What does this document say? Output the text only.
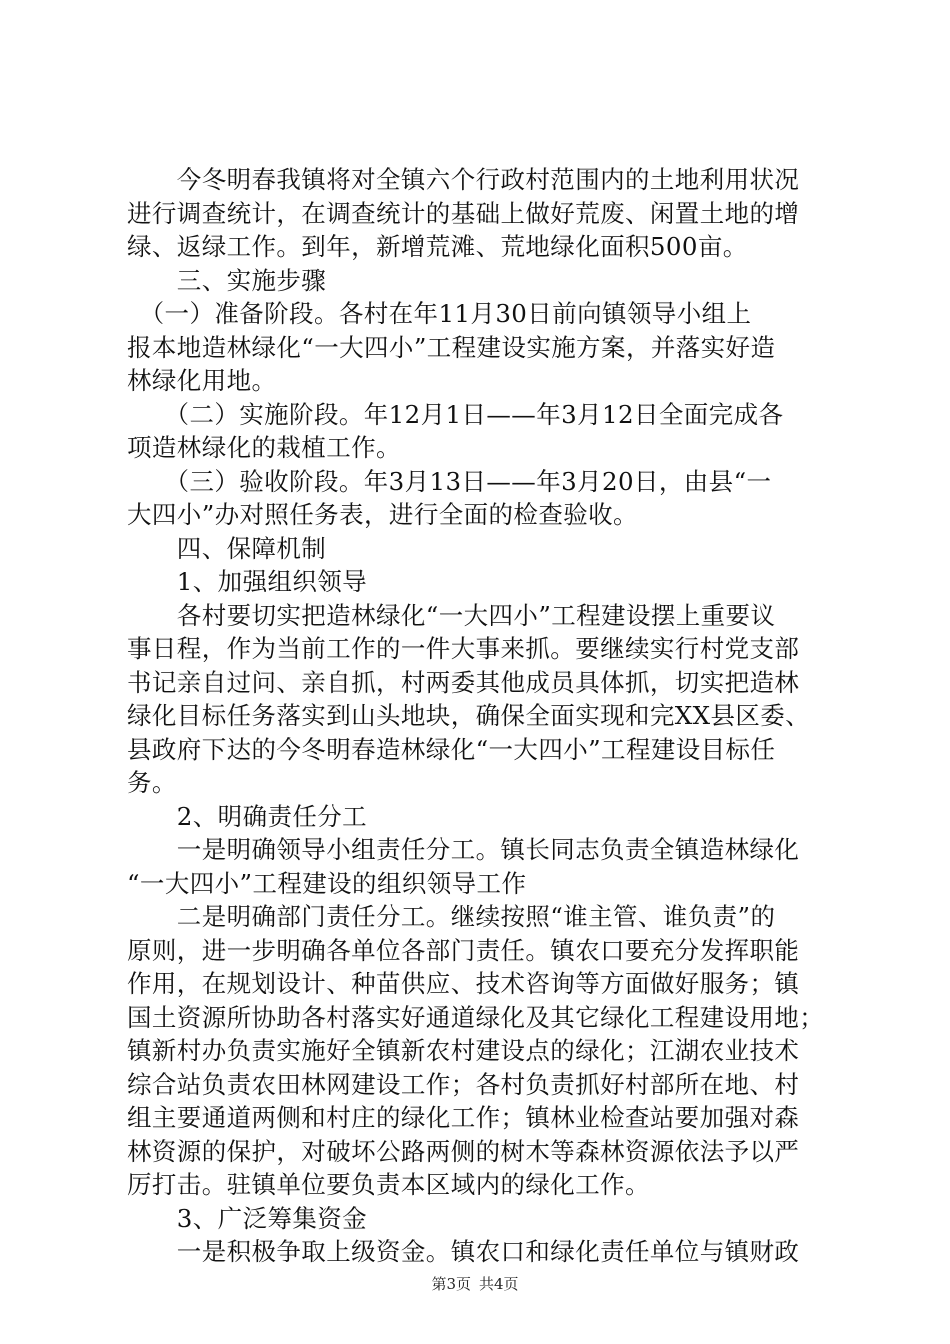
　　今冬明春我镇将对全镇六个行政村范围内的土地利用状况
进行调查统计，在调查统计的基础上做好荒废、闲置土地的增
绿、返绿工作。到年，新增荒滩、荒地绿化面积500亩。
　　三、实施步骤
　（一）准备阶段。各村在年11月30日前向镇领导小组上
报本地造林绿化“一大四小”工程建设实施方案，并落实好造
林绿化用地。
　　（二）实施阶段。年12月1日——年3月12日全面完成各
项造林绿化的栽植工作。
　　（三）验收阶段。年3月13日——年3月20日，由县“一
大四小”办对照任务表，进行全面的检查验收。
　　四、保障机制
　　1、加强组织领导
　　各村要切实把造林绿化“一大四小”工程建设摆上重要议
事日程，作为当前工作的一件大事来抓。要继续实行村党支部
书记亲自过问、亲自抓，村两委其他成员具体抓，切实把造林
绿化目标任务落实到山头地块，确保全面实现和完XX县区委、
县政府下达的今冬明春造林绿化“一大四小”工程建设目标任
务。
　　2、明确责任分工
　　一是明确领导小组责任分工。镇长同志负责全镇造林绿化
“一大四小”工程建设的组织领导工作
　　二是明确部门责任分工。继续按照“谁主管、谁负责”的
原则，进一步明确各单位各部门责任。镇农口要充分发挥职能
作用，在规划设计、种苗供应、技术咨询等方面做好服务；镇
国土资源所协助各村落实好通道绿化及其它绿化工程建设用地；
镇新村办负责实施好全镇新农村建设点的绿化；江湖农业技术
综合站负责农田林网建设工作；各村负责抓好村部所在地、村
组主要通道两侧和村庄的绿化工作；镇林业检查站要加强对森
林资源的保护，对破坏公路两侧的树木等森林资源依法予以严
厉打击。驻镇单位要负责本区域内的绿化工作。
　　3、广泛筹集资金
　　一是积极争取上级资金。镇农口和绿化责任单位与镇财政
第3页 共4页
